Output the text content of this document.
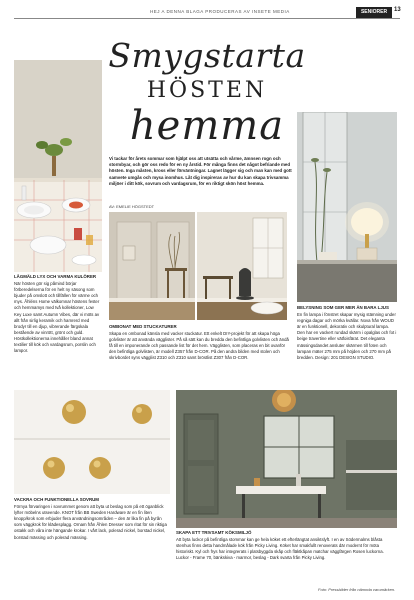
HEJ A DENNA BLAGA PRODUCERAS AV INSETE MEDIA	SENIORER	13
Smygstarta
HÖSTEN
hemma
LÅGMÄLD LYX OCH VARMA KULÖRER
När hösten gör sig påmind börjar förberedelserna för en helt ny säsong som bjuder på omslott och tillfällen för värme och mys. Åhléns Home välkomnar höstens fester och hemmamys med två kollektioner, Low Key Luxe samt Autumn Vibes, där vi möts av allt från sirlig keramik och hamrerd med brodyr till en djup, vibrerande färgskala bestående av vinrött, grönt och guld. Höstkollektionerna innehåller bland annat textilier till kök och vardagsrum, porslin och lampor.
Vi tackar för årets sommar som hjälpt oss att utsätta och vårme, ämnsen rogn och stormbyar, och gör oss redo för en ny årstid. För många finns det något befriande med hösten. Inga måsten, kross eller förväntningar. Lagnet lägger sig och man kan med gott samvete umgås och mysa inomhus. Låt dig inspireras av hur du kan skapa trivsamma miljöer i ditt kök, sovrum och vardagsrum, för en riktigt skön höst hemma.
AV: EMELIE HÖGSTEDT
OMBONAT MED STUCKATURER
Skapa en ombonad känsla med vacker stuckatur. Ett enkelt DIY-projekt för att skapa höga golvlister är att använda vägglister. På så sätt kan du bredda den befintliga golvlisten och ändå få till en imponerande och passande list för det hem. Vägglisten, som placeras en bit ovanför den befintliga golvlisten, är modell Z357 från D-COR. På den andra bilden med stolen och skrivbordet syns vägglist Z310 och Z310 samt bröstlist Z307 från D-COR.
BELYSNING SOM GER MER ÄN BARA LJUS
En fin lampa i fönstret skapar mysig stämning under regniga dagar och mörka kvällar. Nova från WOUD är en funktionell, dekorativ och skulptural lampa. Den har en vackert rundad skärm i opalglas och fot i beige travertine eller vätfoisfärat. Det eleganta mässingsdandet ansluter skärmen till foten och lampan mäter 275 mm på höjden och 270 mm på bredden. Design: 201 DESIGN STUDIO.
VACKRA OCH FUNKTIONELLA SOVRUM
Förnya förvaringen i sovrummet genom att byta ut beslag som på ett öganblick lyfter möbelns utseende. KNOT från BB Sweden Hardware är en fin liten knopp/krok som erbjuder flera användningsområden – den är lika fin på byrån som väggkrok för klädesplagg. Ornam från Åhlen Dresser som ritat för sin riktiga ostakk och våra inte hängande krokar. I vårt lack, polerad nickel, borstad nickel, borstad mässing och polerad mässing.
SKAPA ETT TRIVSAMT KÖKSMILJÖ
Att byta luckor på befintliga stommar kan ge hela köket ett efterlängtat ansiktslyft. I en av Södermalms blåsta stenhus finns detta handmålade kök från Picky Living. Köket har smakfullt renoverats där modernt för möta historiskt. Kyl och frys har integrerats i platsbyggda skåp och fläktkåpan matchar väggfärgen Rosen luckorna. Luckor - Frame 70, bänkskiva - marmor, beslag - Dark svarta från Picky Living.
Foto: Pressbilder från nämnda varumärken.
